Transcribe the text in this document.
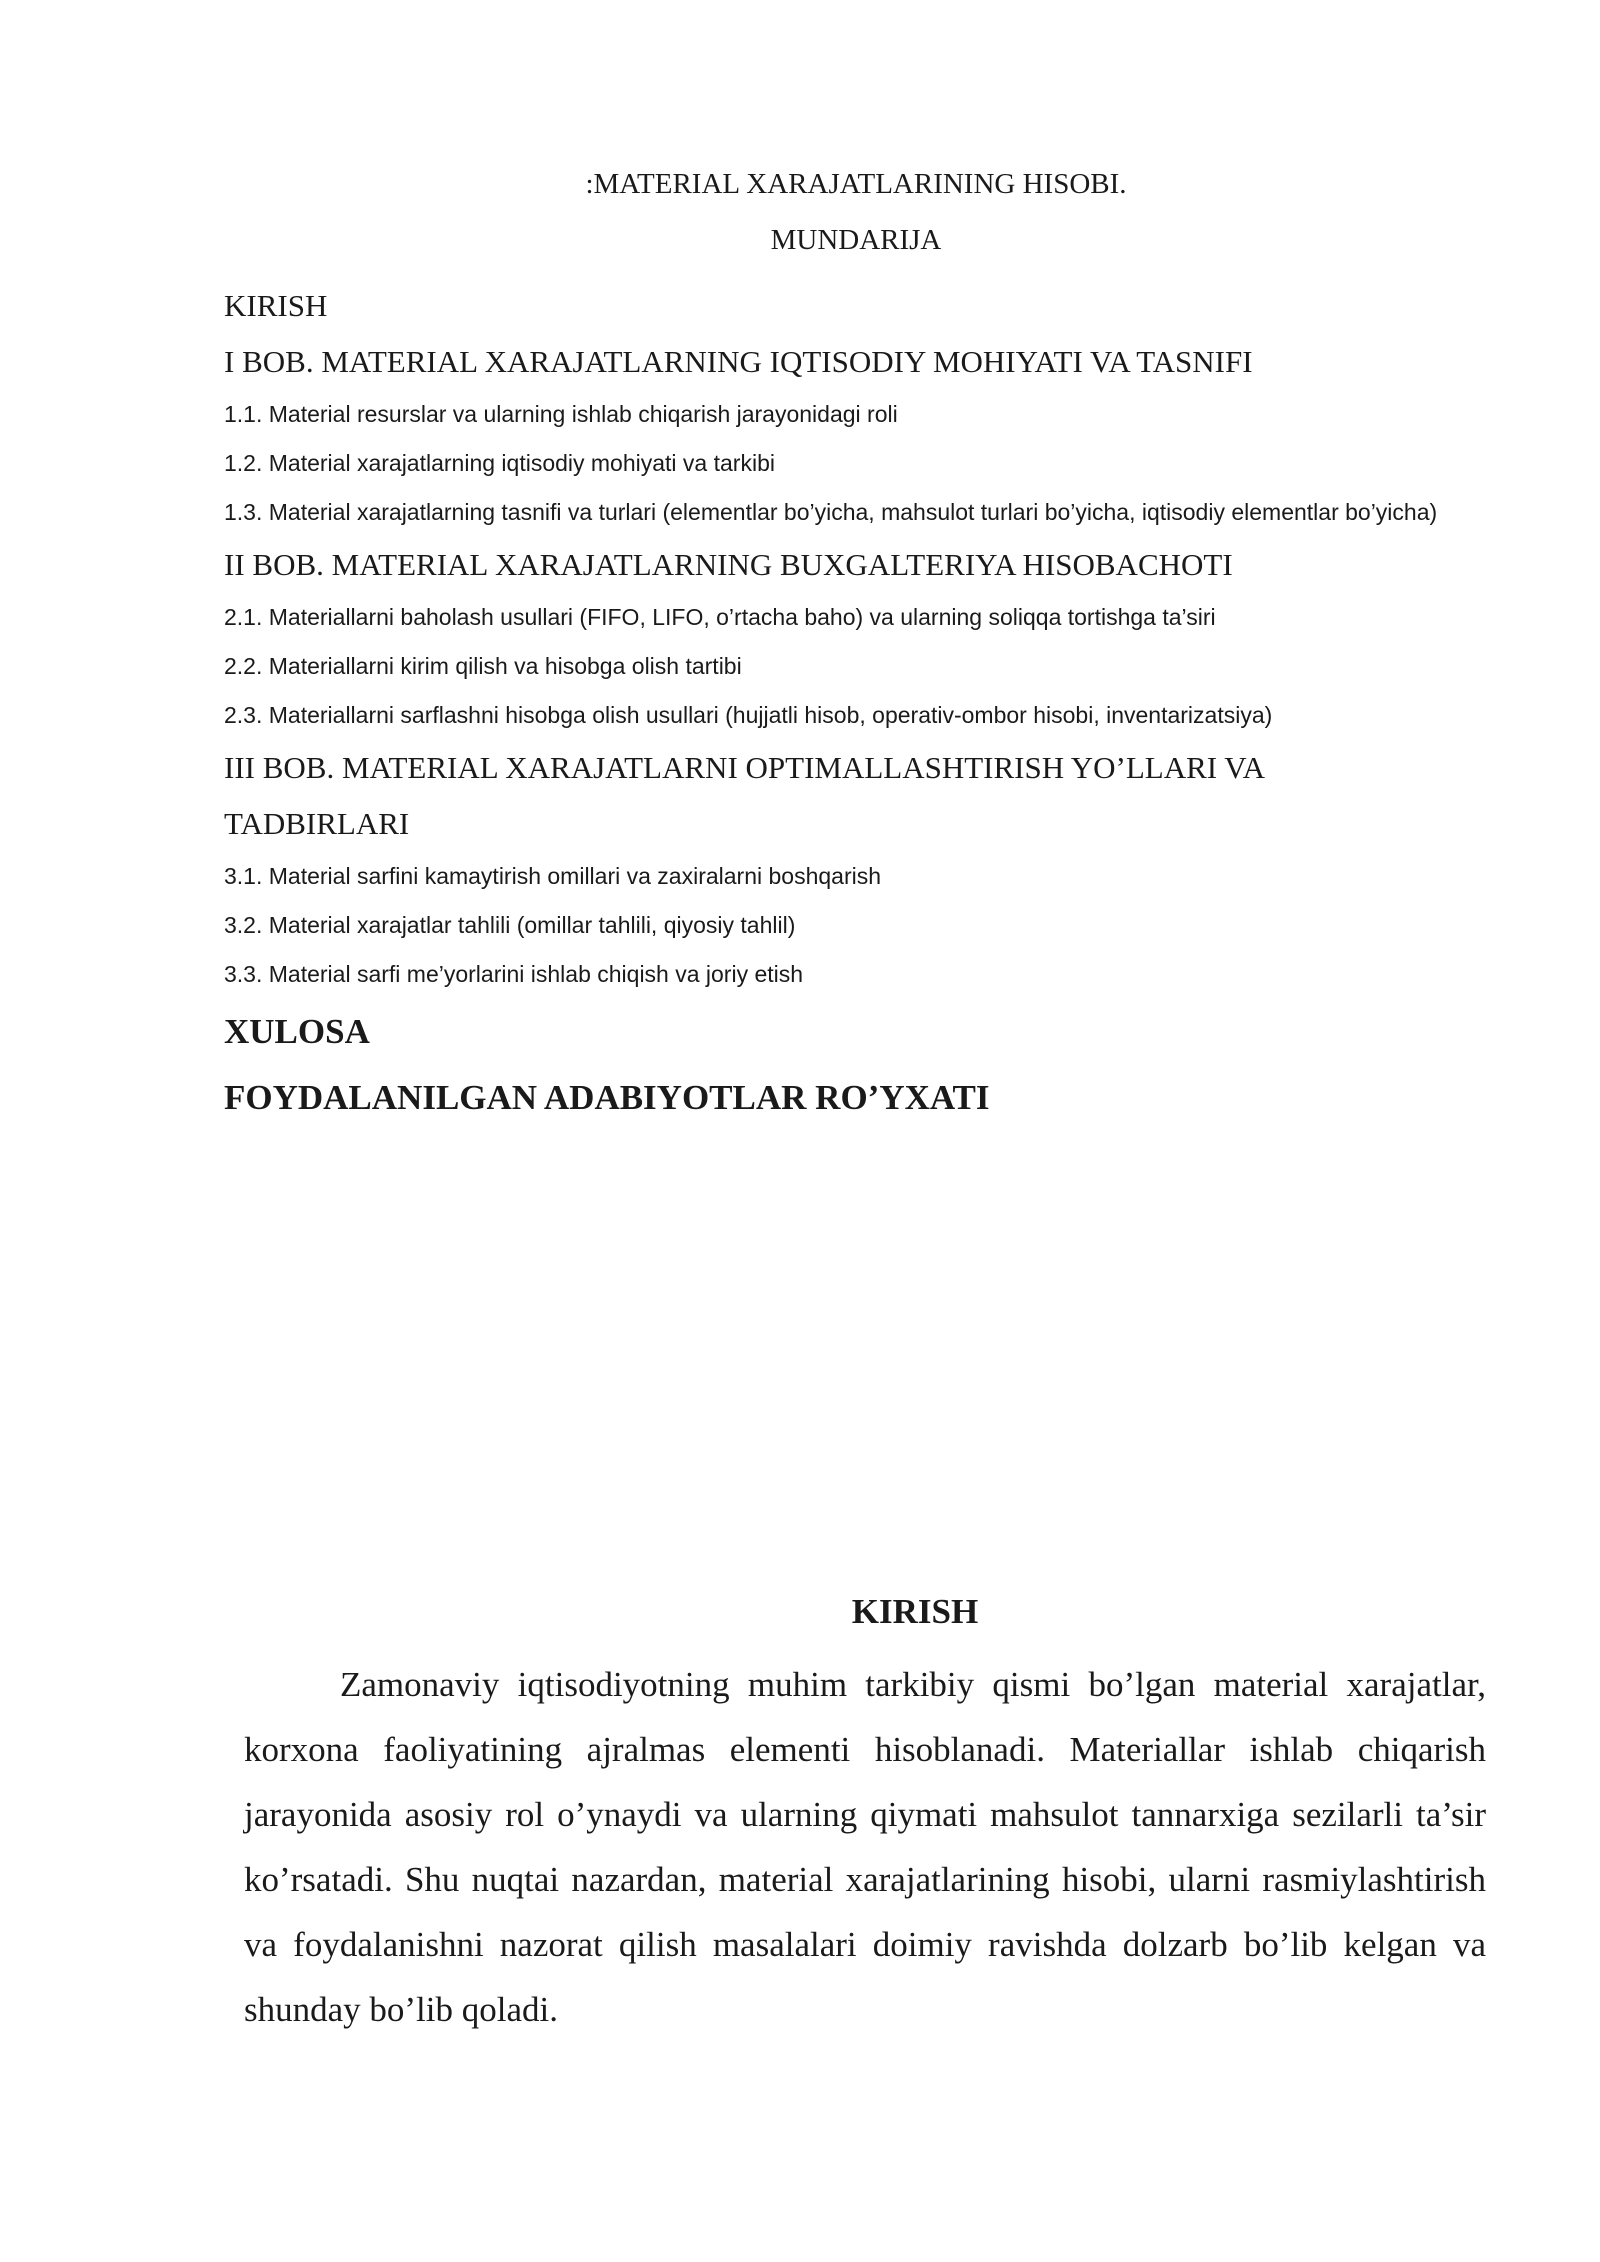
:MATERIAL XARAJATLARINING HISOBI.
MUNDARIJA
KIRISH
I BOB. MATERIAL XARAJATLARNING IQTISODIY MOHIYATI VA TASNIFI
1.1. Material resurslar va ularning ishlab chiqarish jarayonidagi roli
1.2. Material xarajatlarning iqtisodiy mohiyati va tarkibi
1.3. Material xarajatlarning tasnifi va turlari (elementlar bo’yicha, mahsulot turlari bo’yicha, iqtisodiy elementlar bo’yicha)
II BOB. MATERIAL XARAJATLARNING BUXGALTERIYA HISOBACHOTI
2.1. Materiallarni baholash usullari (FIFO, LIFO, o’rtacha baho) va ularning soliqqa tortishga ta’siri
2.2. Materiallarni kirim qilish va hisobga olish tartibi
2.3. Materiallarni sarflashni hisobga olish usullari (hujjatli hisob, operativ-ombor hisobi, inventarizatsiya)
III BOB. MATERIAL XARAJATLARNI OPTIMALLASHTIRISH YO’LLARI VA TADBIRLARI
3.1. Material sarfini kamaytirish omillari va zaxiralarni boshqarish
3.2. Material xarajatlar tahlili (omillar tahlili, qiyosiy tahlil)
3.3. Material sarfi me’yorlarini ishlab chiqish va joriy etish
XULOSA
FOYDALANILGAN ADABIYOTLAR RO’YXATI
KIRISH

Zamonaviy iqtisodiyotning muhim tarkibiy qismi bo’lgan material xarajatlar, korxona faoliyatining ajralmas elementi hisoblanadi. Materiallar ishlab chiqarish jarayonida asosiy rol o’ynaydi va ularning qiymati mahsulot tannarxiga sezilarli ta’sir ko’rsatadi. Shu nuqtai nazardan, material xarajatlarining hisobi, ularni rasmiylashtirish va foydalanishni nazorat qilish masalalari doimiy ravishda dolzarb bo’lib kelgan va shunday bo’lib qoladi.
